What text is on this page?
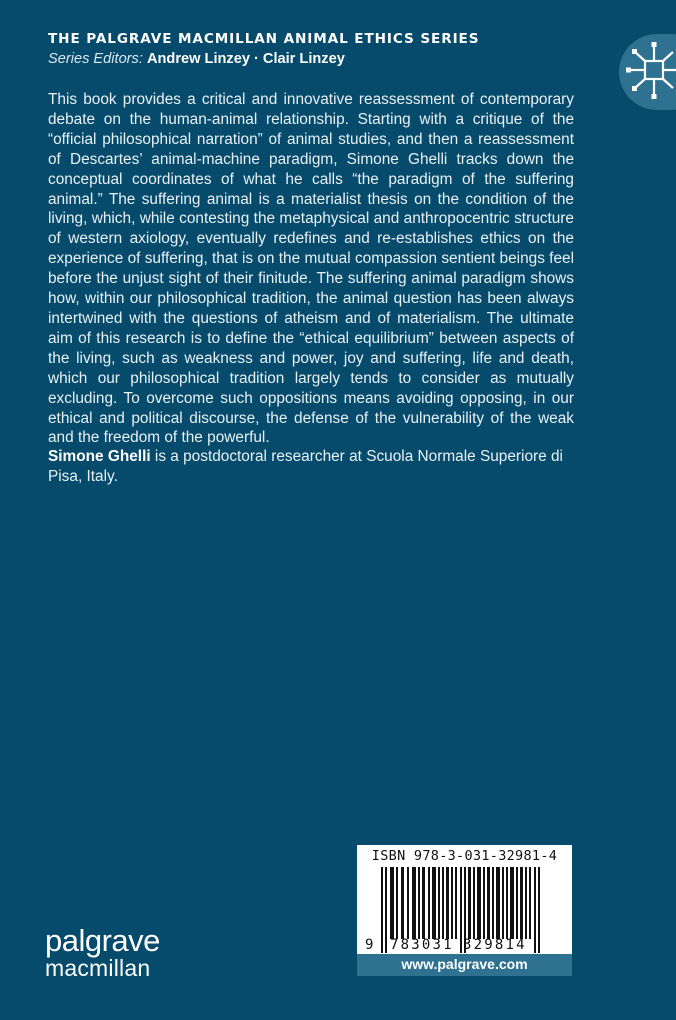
THE PALGRAVE MACMILLAN ANIMAL ETHICS SERIES
Series Editors: Andrew Linzey · Clair Linzey

This book provides a critical and innovative reassessment of contemporary debate on the human-animal relationship. Starting with a critique of the “official philosophical narration” of animal studies, and then a reassessment of Descartes’ animal-machine paradigm, Simone Ghelli tracks down the conceptual coordinates of what he calls “the paradigm of the suffering animal.” The suffering animal is a materialist thesis on the condition of the living, which, while contesting the metaphysical and anthropocentric structure of western axiology, eventually redefines and re-establishes ethics on the experience of suffering, that is on the mutual compassion sentient beings feel before the unjust sight of their finitude. The suffering animal paradigm shows how, within our philosophical tradition, the animal question has been always intertwined with the questions of atheism and of materialism. The ultimate aim of this research is to define the “ethical equilibrium” between aspects of the living, such as weakness and power, joy and suffering, life and death, which our philosophical tradition largely tends to consider as mutually excluding. To overcome such oppositions means avoiding opposing, in our ethical and political discourse, the defense of the vulnerability of the weak and the freedom of the powerful.

Simone Ghelli is a postdoctoral researcher at Scuola Normale Superiore di Pisa, Italy.

palgrave
macmillan
ISBN 978-3-031-32981-4
9 783031 329814
www.palgrave.com
